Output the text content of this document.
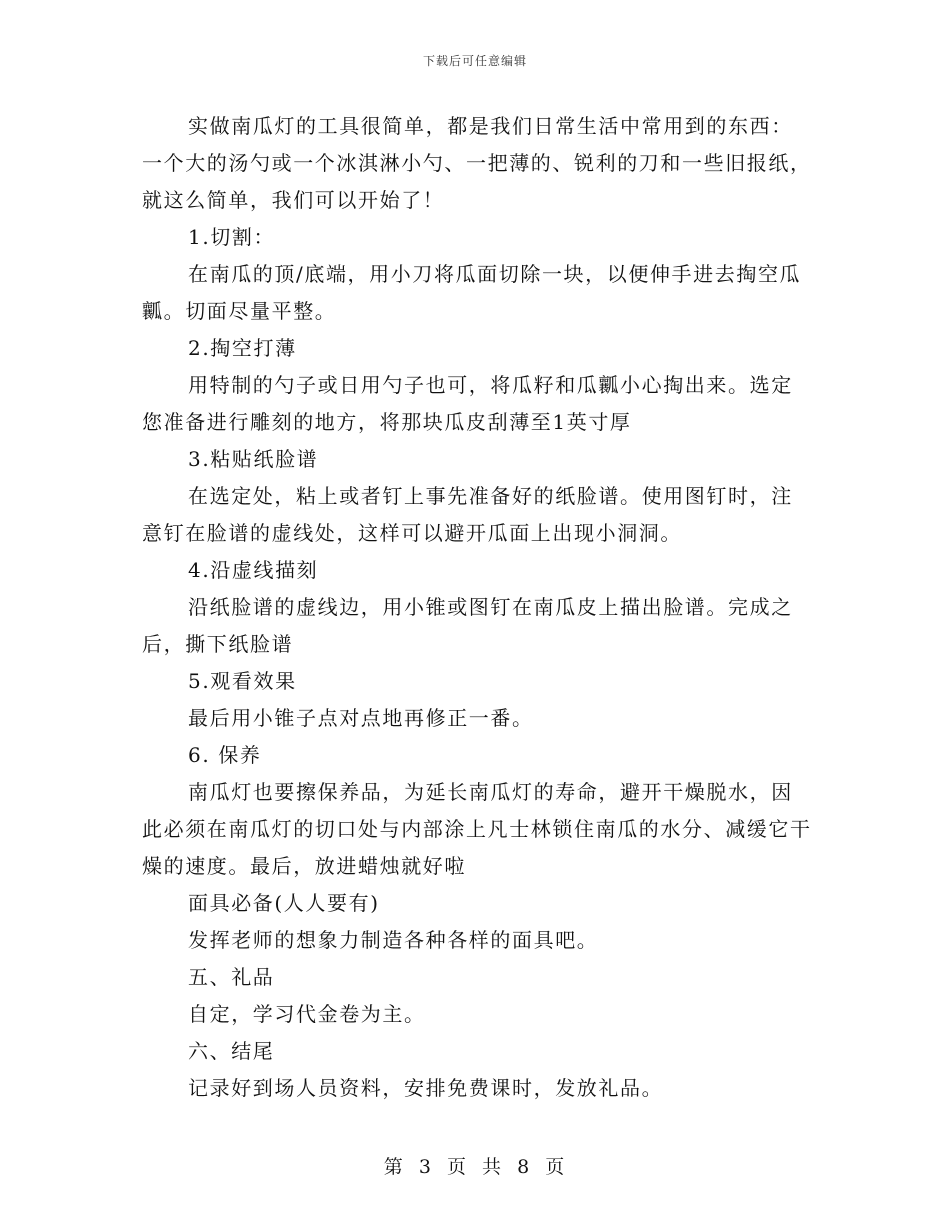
下载后可任意编辑

实做南瓜灯的工具很简单，都是我们日常生活中常用到的东西：一个大的汤勺或一个冰淇淋小勺、一把薄的、锐利的刀和一些旧报纸，就这么简单，我们可以开始了！

1.切割：

在南瓜的顶/底端，用小刀将瓜面切除一块，以便伸手进去掏空瓜瓤。切面尽量平整。

2.掏空打薄

用特制的勺子或日用勺子也可，将瓜籽和瓜瓤小心掏出来。选定您准备进行雕刻的地方，将那块瓜皮刮薄至1英寸厚

3.粘贴纸脸谱

在选定处，粘上或者钉上事先准备好的纸脸谱。使用图钉时，注意钉在脸谱的虚线处，这样可以避开瓜面上出现小洞洞。

4.沿虚线描刻

沿纸脸谱的虚线边，用小锥或图钉在南瓜皮上描出脸谱。完成之后，撕下纸脸谱

5.观看效果

最后用小锥子点对点地再修正一番。

6. 保养

南瓜灯也要擦保养品，为延长南瓜灯的寿命，避开干燥脱水，因此必须在南瓜灯的切口处与内部涂上凡士林锁住南瓜的水分、减缓它干燥的速度。最后，放进蜡烛就好啦

面具必备(人人要有)

发挥老师的想象力制造各种各样的面具吧。

五、礼品

自定，学习代金卷为主。

六、结尾

记录好到场人员资料，安排免费课时，发放礼品。

第 3 页 共 8 页
